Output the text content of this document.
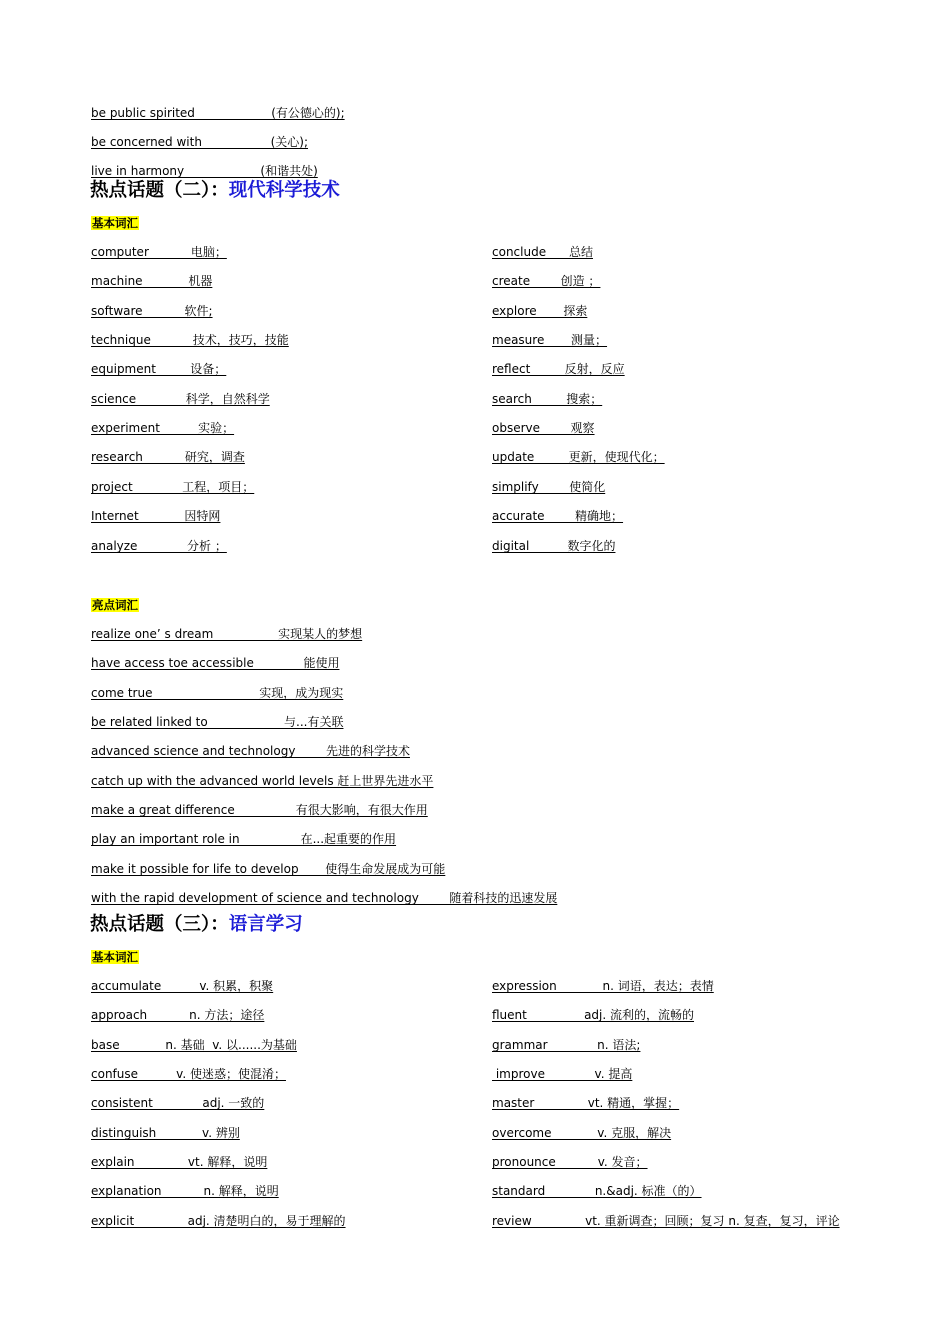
be public spirited                    (有公德心的);
be concerned with                  (关心);
live in harmony                    (和谐共处)
热点话题（二）：现代科学技术
基本词汇
computer           电脑；
machine            机器
software           软件;
technique           技术，技巧，技能
equipment         设备；
science             科学，自然科学
experiment          实验；
research           研究，调查
project             工程，项目；
Internet            因特网
analyze             分析 ；
conclude      总结
create        创造 ；
explore       探索
measure       测量；
reflect         反射，反应
search         搜索；
observe        观察
update         更新，使现代化；
simplify        使简化
accurate        精确地；
digital          数字化的
亮点词汇
realize one’ s dream                 实现某人的梦想
have access toe accessible             能使用
come true                            实现，成为现实
be related linked to                    与...有关联
advanced science and technology        先进的科学技术
catch up with the advanced world levels 赶上世界先进水平
make a great difference                有很大影响，有很大作用
play an important role in                在...起重要的作用
make it possible for life to develop       使得生命发展成为可能
with the rapid development of science and technology        随着科技的迅速发展
热点话题（三）：语言学习
基本词汇
accumulate          v. 积累，积聚
approach           n. 方法；途径
base            n. 基础  v. 以......为基础
confuse          v. 使迷惑；使混淆；
consistent             adj. 一致的
distinguish            v. 辨别
explain              vt. 解释，说明
explanation           n. 解释，说明
explicit              adj. 清楚明白的，易于理解的
expression            n. 词语，表达；表情
fluent               adj. 流利的，流畅的
grammar             n. 语法;
improve             v. 提高
master              vt. 精通，掌握；
overcome            v. 克服，解决
pronounce           v. 发音；
standard             n.&adj. 标准（的）
review              vt. 重新调查；回顾；复习 n. 复查，复习，评论
